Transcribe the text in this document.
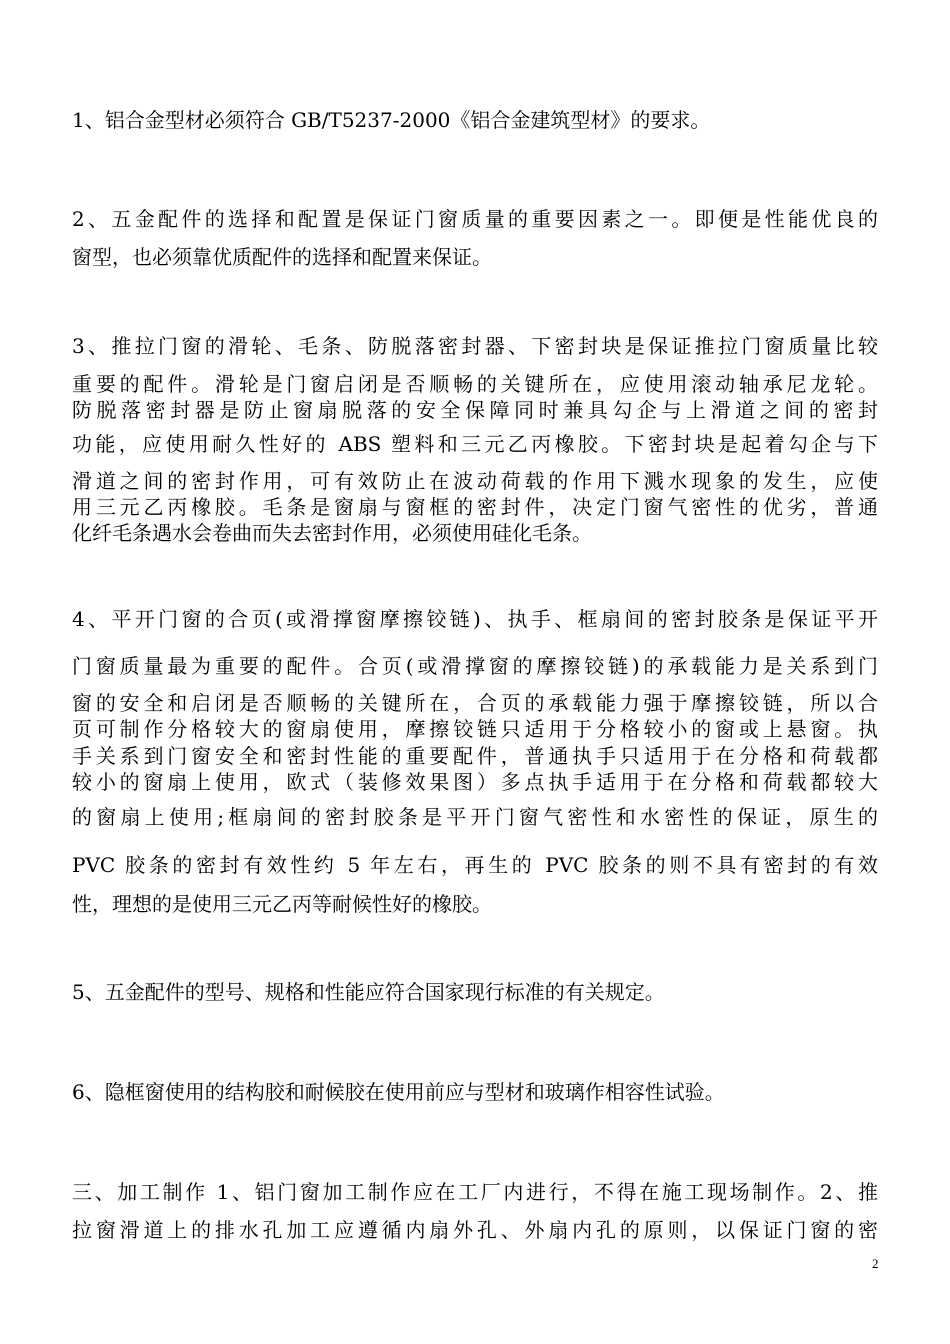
1、铝合金型材必须符合 GB/T5237-2000《铝合金建筑型材》的要求。
2、五金配件的选择和配置是保证门窗质量的重要因素之一。即便是性能优良的
窗型，也必须靠优质配件的选择和配置来保证。
3、推拉门窗的滑轮、毛条、防脱落密封器、下密封块是保证推拉门窗质量比较
重要的配件。滑轮是门窗启闭是否顺畅的关键所在，应使用滚动轴承尼龙轮。
防脱落密封器是防止窗扇脱落的安全保障同时兼具勾企与上滑道之间的密封
功能，应使用耐久性好的 ABS 塑料和三元乙丙橡胶。下密封块是起着勾企与下
滑道之间的密封作用，可有效防止在波动荷载的作用下溅水现象的发生，应使
用三元乙丙橡胶。毛条是窗扇与窗框的密封件，决定门窗气密性的优劣，普通
化纤毛条遇水会卷曲而失去密封作用，必须使用硅化毛条。
4、平开门窗的合页(或滑撑窗摩擦铰链)、执手、框扇间的密封胶条是保证平开
门窗质量最为重要的配件。合页(或滑撑窗的摩擦铰链)的承载能力是关系到门
窗的安全和启闭是否顺畅的关键所在，合页的承载能力强于摩擦铰链，所以合
页可制作分格较大的窗扇使用，摩擦铰链只适用于分格较小的窗或上悬窗。执
手关系到门窗安全和密封性能的重要配件，普通执手只适用于在分格和荷载都
较小的窗扇上使用，欧式（装修效果图）多点执手适用于在分格和荷载都较大
的窗扇上使用;框扇间的密封胶条是平开门窗气密性和水密性的保证，原生的
PVC 胶条的密封有效性约 5 年左右，再生的 PVC 胶条的则不具有密封的有效
性，理想的是使用三元乙丙等耐候性好的橡胶。
5、五金配件的型号、规格和性能应符合国家现行标准的有关规定。
6、隐框窗使用的结构胶和耐候胶在使用前应与型材和玻璃作相容性试验。
三、加工制作 1、铝门窗加工制作应在工厂内进行，不得在施工现场制作。2、推
拉窗滑道上的排水孔加工应遵循内扇外孔、外扇内孔的原则，以保证门窗的密
2
